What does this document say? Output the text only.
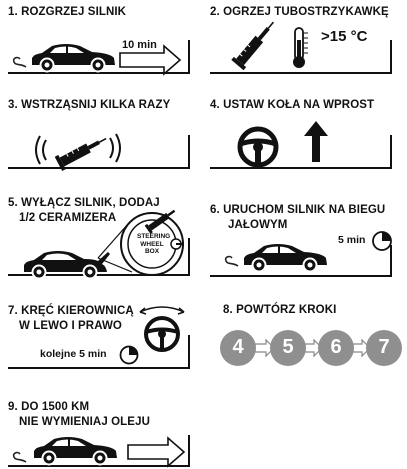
1. ROZGRZEJ SILNIK
10 min
2. OGRZEJ TUBOSTRZYKAWKĘ
>15 °C
3. WSTRZĄSNIJ KILKA RAZY	4. USTAW KOŁA NA WPROST
5. WYŁĄCZ SILNIK, DODAJ
1/2 CERAMIZERA
STEERING
WHEEL
BOX
6. URUCHOM SILNIK NA BIEGU
JAŁOWYM
5 min
7. KRĘĆ KIEROWNICĄ
W LEWO I PRAWO
kolejne 5 min
8. POWTÓRZ KROKI
4	5	6	7
9. DO 1500 KM
NIE WYMIENIAJ OLEJU
